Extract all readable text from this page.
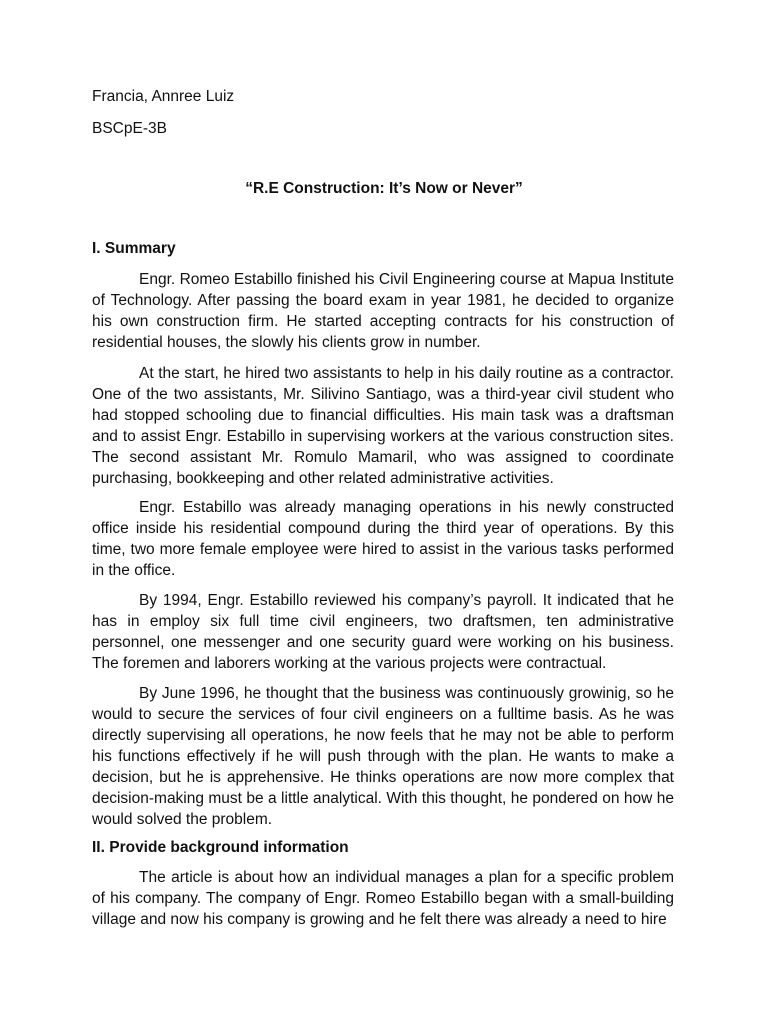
Francia, Annree Luiz
BSCpE-3B
“R.E Construction: It’s Now or Never”
I. Summary

Engr. Romeo Estabillo finished his Civil Engineering course at Mapua Institute of Technology. After passing the board exam in year 1981, he decided to organize his own construction firm. He started accepting contracts for his construction of residential houses, the slowly his clients grow in number.

At the start, he hired two assistants to help in his daily routine as a contractor. One of the two assistants, Mr. Silivino Santiago, was a third-year civil student who had stopped schooling due to financial difficulties. His main task was a draftsman and to assist Engr. Estabillo in supervising workers at the various construction sites. The second assistant Mr. Romulo Mamaril, who was assigned to coordinate purchasing, bookkeeping and other related administrative activities.

Engr. Estabillo was already managing operations in his newly constructed office inside his residential compound during the third year of operations. By this time, two more female employee were hired to assist in the various tasks performed in the office.

By 1994, Engr. Estabillo reviewed his company’s payroll. It indicated that he has in employ six full time civil engineers, two draftsmen, ten administrative personnel, one messenger and one security guard were working on his business. The foremen and laborers working at the various projects were contractual.

By June 1996, he thought that the business was continuously growinig, so he would to secure the services of four civil engineers on a fulltime basis. As he was directly supervising all operations, he now feels that he may not be able to perform his functions effectively if he will push through with the plan. He wants to make a decision, but he is apprehensive. He thinks operations are now more complex that decision-making must be a little analytical. With this thought, he pondered on how he would solved the problem.

II. Provide background information

The article is about how an individual manages a plan for a specific problem of his company. The company of Engr. Romeo Estabillo began with a small-building village and now his company is growing and he felt there was already a need to hire
